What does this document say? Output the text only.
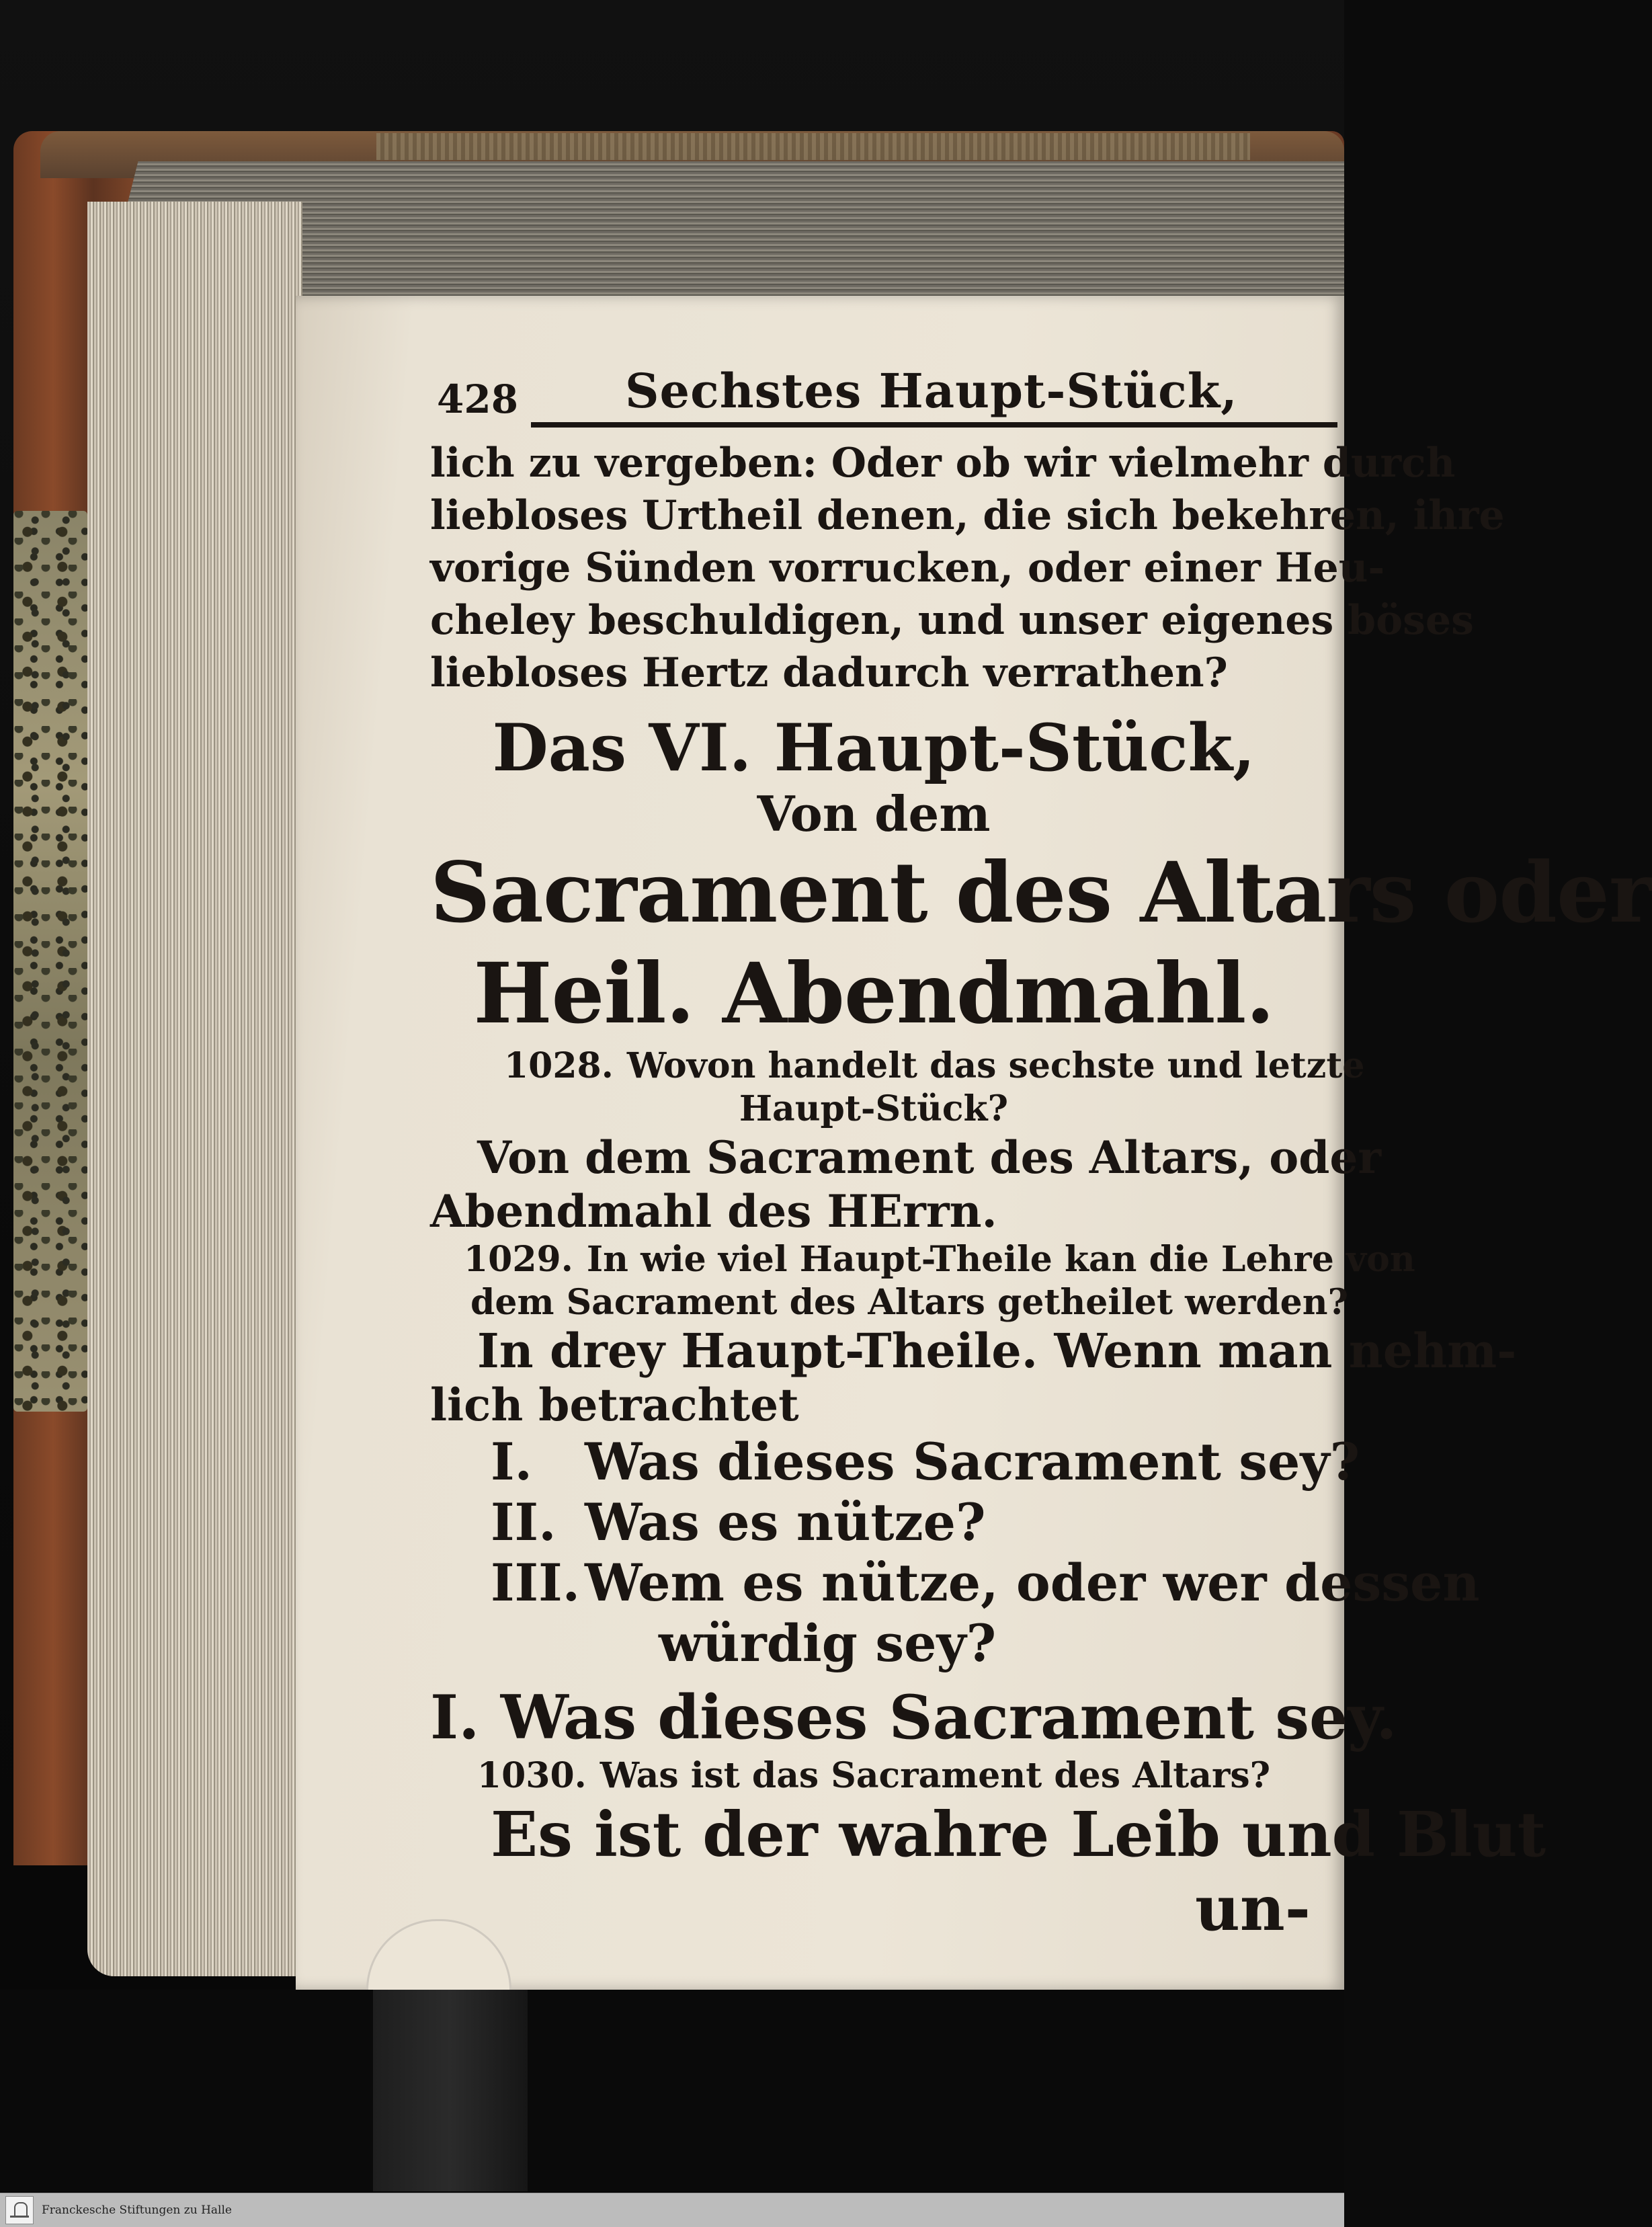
428 Sechstes Haupt-Stück,
lich zu vergeben: Oder ob wir vielmehr durch
liebloses Urtheil denen, die sich bekehren, ihre
vorige Sünden vorrucken, oder einer Heu-
cheley beschuldigen, und unser eigenes böses
liebloses Hertz dadurch verrathen?
Das VI. Haupt-Stück,
Von dem
Sacrament des Altars oder
Heil. Abendmahl.
1028. Wovon handelt das sechste und letzte
Haupt-Stück?
Von dem Sacrament des Altars, oder
Abendmahl des HErrn.
1029. In wie viel Haupt-Theile kan die Lehre von
dem Sacrament des Altars getheilet werden?
In drey Haupt-Theile. Wenn man nehm-
lich betrachtet
I. Was dieses Sacrament sey?
II. Was es nütze?
III.Wem es nütze, oder wer dessen
würdig sey?
I. Was dieses Sacrament sey.
1030. Was ist das Sacrament des Altars?
Es ist der wahre Leib und Blut
un-
Franckesche Stiftungen zu Halle
